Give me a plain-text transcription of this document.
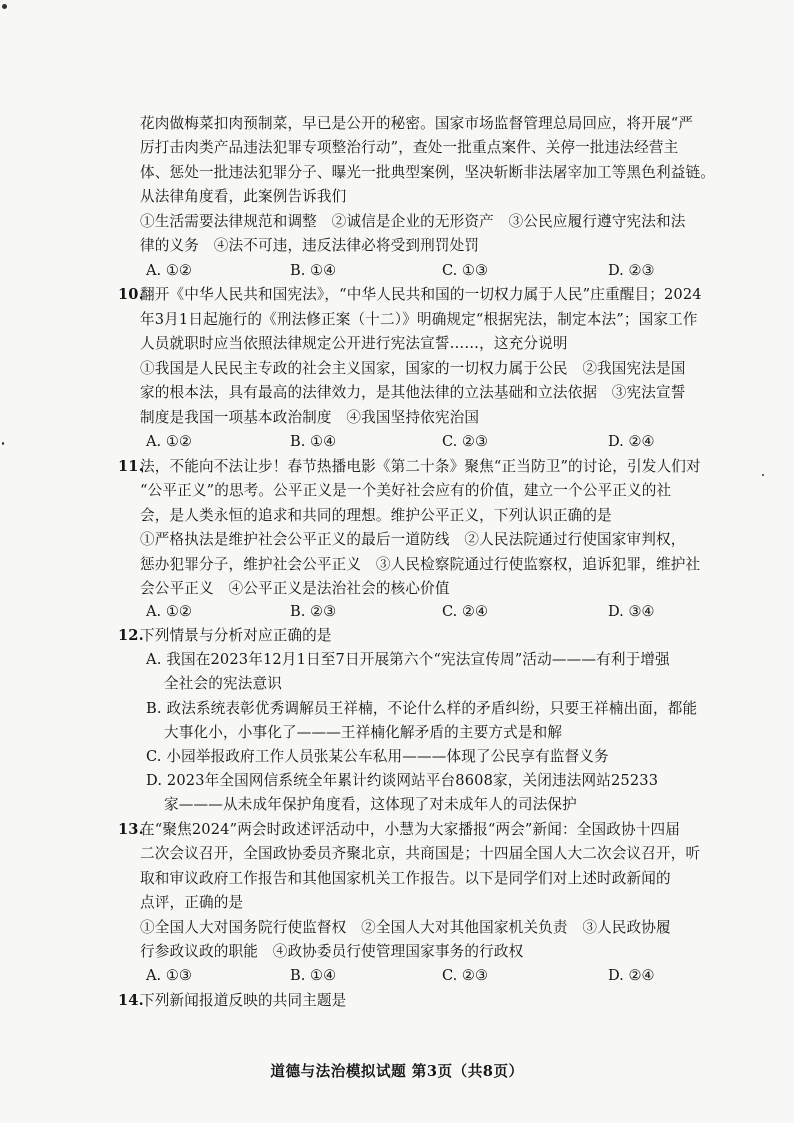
花肉做梅菜扣肉预制菜，早已是公开的秘密。国家市场监督管理总局回应，将开展“严
厉打击肉类产品违法犯罪专项整治行动”，查处一批重点案件、关停一批违法经营主
体、惩处一批违法犯罪分子、曝光一批典型案例，坚决斩断非法屠宰加工等黑色利益链。
从法律角度看，此案例告诉我们
①生活需要法律规范和调整　②诚信是企业的无形资产　③公民应履行遵守宪法和法
律的义务　④法不可违，违反法律必将受到刑罚处罚
A. ①②	B. ①④	C. ①③	D. ②③
10.
翻开《中华人民共和国宪法》，“中华人民共和国的一切权力属于人民”庄重醒目；2024
年3月1日起施行的《刑法修正案（十二）》明确规定“根据宪法，制定本法”；国家工作
人员就职时应当依照法律规定公开进行宪法宣誓……，这充分说明
①我国是人民民主专政的社会主义国家，国家的一切权力属于公民　②我国宪法是国
家的根本法，具有最高的法律效力，是其他法律的立法基础和立法依据　③宪法宣誓
制度是我国一项基本政治制度　④我国坚持依宪治国
A. ①②	B. ①④	C. ②③	D. ②④
11.
法，不能向不法让步！春节热播电影《第二十条》聚焦“正当防卫”的讨论，引发人们对
“公平正义”的思考。公平正义是一个美好社会应有的价值，建立一个公平正义的社
会，是人类永恒的追求和共同的理想。维护公平正义，下列认识正确的是
①严格执法是维护社会公平正义的最后一道防线　②人民法院通过行使国家审判权，
惩办犯罪分子，维护社会公平正义　③人民检察院通过行使监察权，追诉犯罪，维护社
会公平正义　④公平正义是法治社会的核心价值
A. ①②	B. ②③	C. ②④	D. ③④
12.
下列情景与分析对应正确的是
A. 我国在2023年12月1日至7日开展第六个“宪法宣传周”活动———有利于增强
全社会的宪法意识
B. 政法系统表彰优秀调解员王祥楠，不论什么样的矛盾纠纷，只要王祥楠出面，都能
大事化小，小事化了———王祥楠化解矛盾的主要方式是和解
C. 小园举报政府工作人员张某公车私用———体现了公民享有监督义务
D. 2023年全国网信系统全年累计约谈网站平台8608家，关闭违法网站25233
家———从未成年保护角度看，这体现了对未成年人的司法保护
13.
在“聚焦2024”两会时政述评活动中，小慧为大家播报“两会”新闻：全国政协十四届
二次会议召开，全国政协委员齐聚北京，共商国是；十四届全国人大二次会议召开，听
取和审议政府工作报告和其他国家机关工作报告。以下是同学们对上述时政新闻的
点评，正确的是
①全国人大对国务院行使监督权　②全国人大对其他国家机关负责　③人民政协履
行参政议政的职能　④政协委员行使管理国家事务的行政权
A. ①③	B. ①④	C. ②③	D. ②④
14.
下列新闻报道反映的共同主题是
道德与法治模拟试题 第3页（共8页）
